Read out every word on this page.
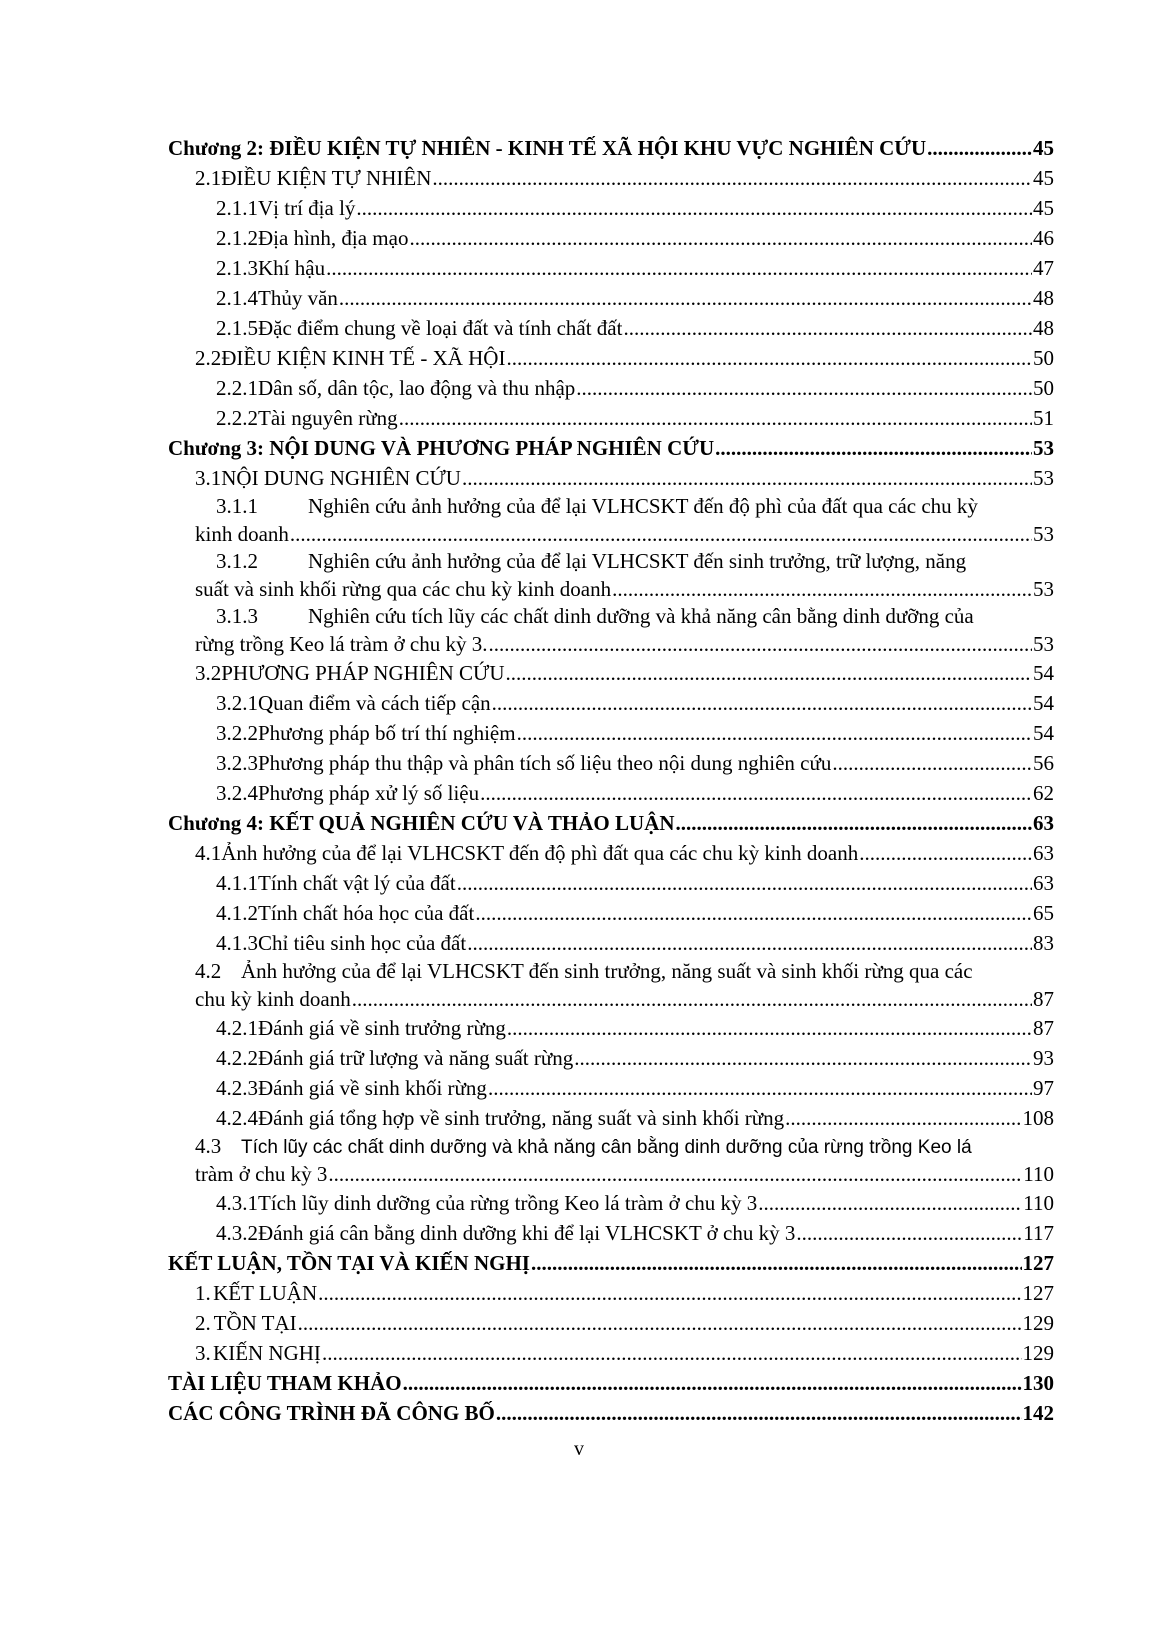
Chương 2: ĐIỀU KIỆN TỰ NHIÊN - KINH TẾ XÃ HỘI KHU VỰC NGHIÊN CỨU .....	45
2.1 ĐIỀU KIỆN TỰ NHIÊN .....	45
2.1.1 Vị trí địa lý .....	45
2.1.2 Địa hình, địa mạo .....	46
2.1.3 Khí hậu .....	47
2.1.4 Thủy văn .....	48
2.1.5 Đặc điểm chung về loại đất và tính chất đất .....	48
2.2 ĐIỀU KIỆN KINH TẾ - XÃ HỘI .....	50
2.2.1 Dân số, dân tộc, lao động và thu nhập .....	50
2.2.2 Tài nguyên rừng .....	51
Chương 3: NỘI DUNG VÀ PHƯƠNG PHÁP NGHIÊN CỨU .....	53
3.1 NỘI DUNG NGHIÊN CỨU .....	53
3.1.1 Nghiên cứu ảnh hưởng của để lại VLHCSKT đến độ phì của đất qua các chu kỳ
kinh doanh .....	53
3.1.2 Nghiên cứu ảnh hưởng của để lại VLHCSKT đến sinh trưởng, trữ lượng, năng
suất và sinh khối rừng qua các chu kỳ kinh doanh .....	53
3.1.3 Nghiên cứu tích lũy các chất dinh dưỡng và khả năng cân bằng dinh dưỡng của
rừng trồng Keo lá tràm ở chu kỳ 3. .....	53
3.2 PHƯƠNG PHÁP NGHIÊN CỨU .....	54
3.2.1 Quan điểm và cách tiếp cận .....	54
3.2.2 Phương pháp bố trí thí nghiệm .....	54
3.2.3 Phương pháp thu thập và phân tích số liệu theo nội dung nghiên cứu .....	56
3.2.4 Phương pháp xử lý số liệu .....	62
Chương 4: KẾT QUẢ NGHIÊN CỨU VÀ THẢO LUẬN .....	63
4.1 Ảnh hưởng của để lại VLHCSKT đến độ phì đất qua các chu kỳ kinh doanh .....	63
4.1.1 Tính chất vật lý của đất .....	63
4.1.2 Tính chất hóa học của đất .....	65
4.1.3 Chỉ tiêu sinh học của đất .....	83
4.2 Ảnh hưởng của để lại VLHCSKT đến sinh trưởng, năng suất và sinh khối rừng qua các
chu kỳ kinh doanh .....	87
4.2.1 Đánh giá về sinh trưởng rừng .....	87
4.2.2 Đánh giá trữ lượng và năng suất rừng .....	93
4.2.3 Đánh giá về sinh khối rừng .....	97
4.2.4 Đánh giá tổng hợp về sinh trưởng, năng suất và sinh khối rừng .....	108
4.3 Tích lũy các chất dinh dưỡng và khả năng cân bằng dinh dưỡng của rừng trồng Keo lá
tràm ở chu kỳ 3 .....	110
4.3.1 Tích lũy dinh dưỡng của rừng trồng Keo lá tràm ở chu kỳ 3 .....	110
4.3.2 Đánh giá cân bằng dinh dưỡng khi để lại VLHCSKT ở chu kỳ 3 .....	117
KẾT LUẬN, TỒN TẠI VÀ KIẾN NGHỊ .....	127
1. KẾT LUẬN .....	127
2. TỒN TẠI .....	129
3. KIẾN NGHỊ .....	129
TÀI LIỆU THAM KHẢO .....	130
CÁC CÔNG TRÌNH ĐÃ CÔNG BỐ .....	142
v
